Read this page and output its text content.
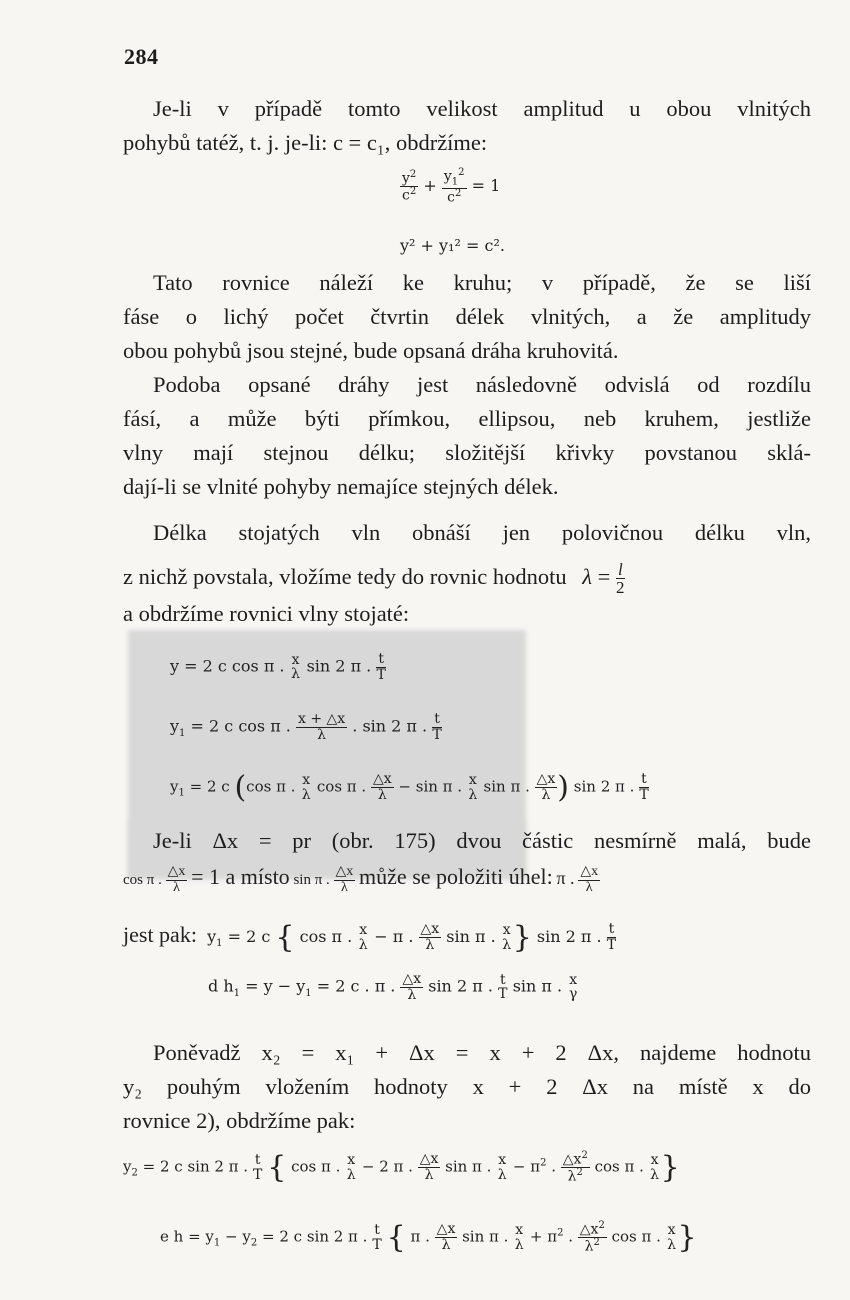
284
Je-li v případě tomto velikost amplitud u obou vlnitých
pohybů tatéž, t. j. je-li: c = c₁, obdržíme:
$\frac{y^2}{c^2} + \frac{y_1^2}{c^2} = 1$
y² + y₁² = c².
Tato rovnice náleží ke kruhu; v případě, že se liší
fáse o lichý počet čtvrtin délek vlnitých, a že amplitudy
obou pohybů jsou stejné, bude opsaná dráha kruhovitá.
Podoba opsané dráhy jest následovně odvislá od rozdílu
fásí, a může býti přímkou, ellipsou, neb kruhem, jestliže
vlny mají stejnou délku; složitější křivky povstanou sklá-
dají-li se vlnité pohyby nemajíce stejných délek.
Délka stojatých vln obnáší jen polovičnou délku vln,
z nichž povstala, vložíme tedy do rovnic hodnotu $\lambda = \frac{l}{2}$
a obdržíme rovnici vlny stojaté:
y = 2 c cos π . x
λ sin 2 π . $\frac{t}{T}$
$y_1 = 2$ c cos π . $\frac{x + \triangle x}{\lambda}$ . sin 2 π . $\frac{t}{T}$
$y_1 = 2$ c (cos π . x
λ cos π . $\frac{\triangle x}{\lambda} - \sin \pi$ . x
λ sin π . $\frac{\triangle x}{\lambda}$ ) sin 2 π . $\frac{t}{T}$
Je-li Δx = pr (obr. 175) dvou částic nesmírně malá, bude
cos π . $\frac{\triangle x}{\lambda} = 1$ a místo sin π . $\frac{\triangle x}{\lambda}$ může se položiti úhel: π . $\frac{\triangle x}{\lambda}$
jest pak:  $y_1 = 2$ c { cos π . x
λ − π . $\frac{\triangle x}{\lambda}$ sin π . x
λ } sin 2 π . $\frac{t}{T}$
d $h_1 = y - y_1 = 2$ c . π . $\frac{\triangle x}{\lambda}$ sin 2 π . t
T sin π . x
γ
Poněvadž x₂ = x₁ + Δx = x + 2 Δx, najdeme hodnotu
y₂ pouhým vložením hodnoty x + 2 Δx na místě x do
rovnice 2), obdržíme pak:
$y_2 = 2$ c sin 2 π . t
T { cos π . x
λ − 2 π . $\frac{\triangle x}{\lambda}$ sin π . x
$\lambda - \pi^2$ . $\frac{\triangle x^2}{\lambda^2}$ cos π . x
λ }
e $h = y_1 - y_2 = 2$ c sin 2 π . t
T { π . $\frac{\triangle x}{\lambda}$ sin π . x
$\lambda + \pi^2$ . $\frac{\triangle x^2}{\lambda^2}$ cos π . x
λ }
